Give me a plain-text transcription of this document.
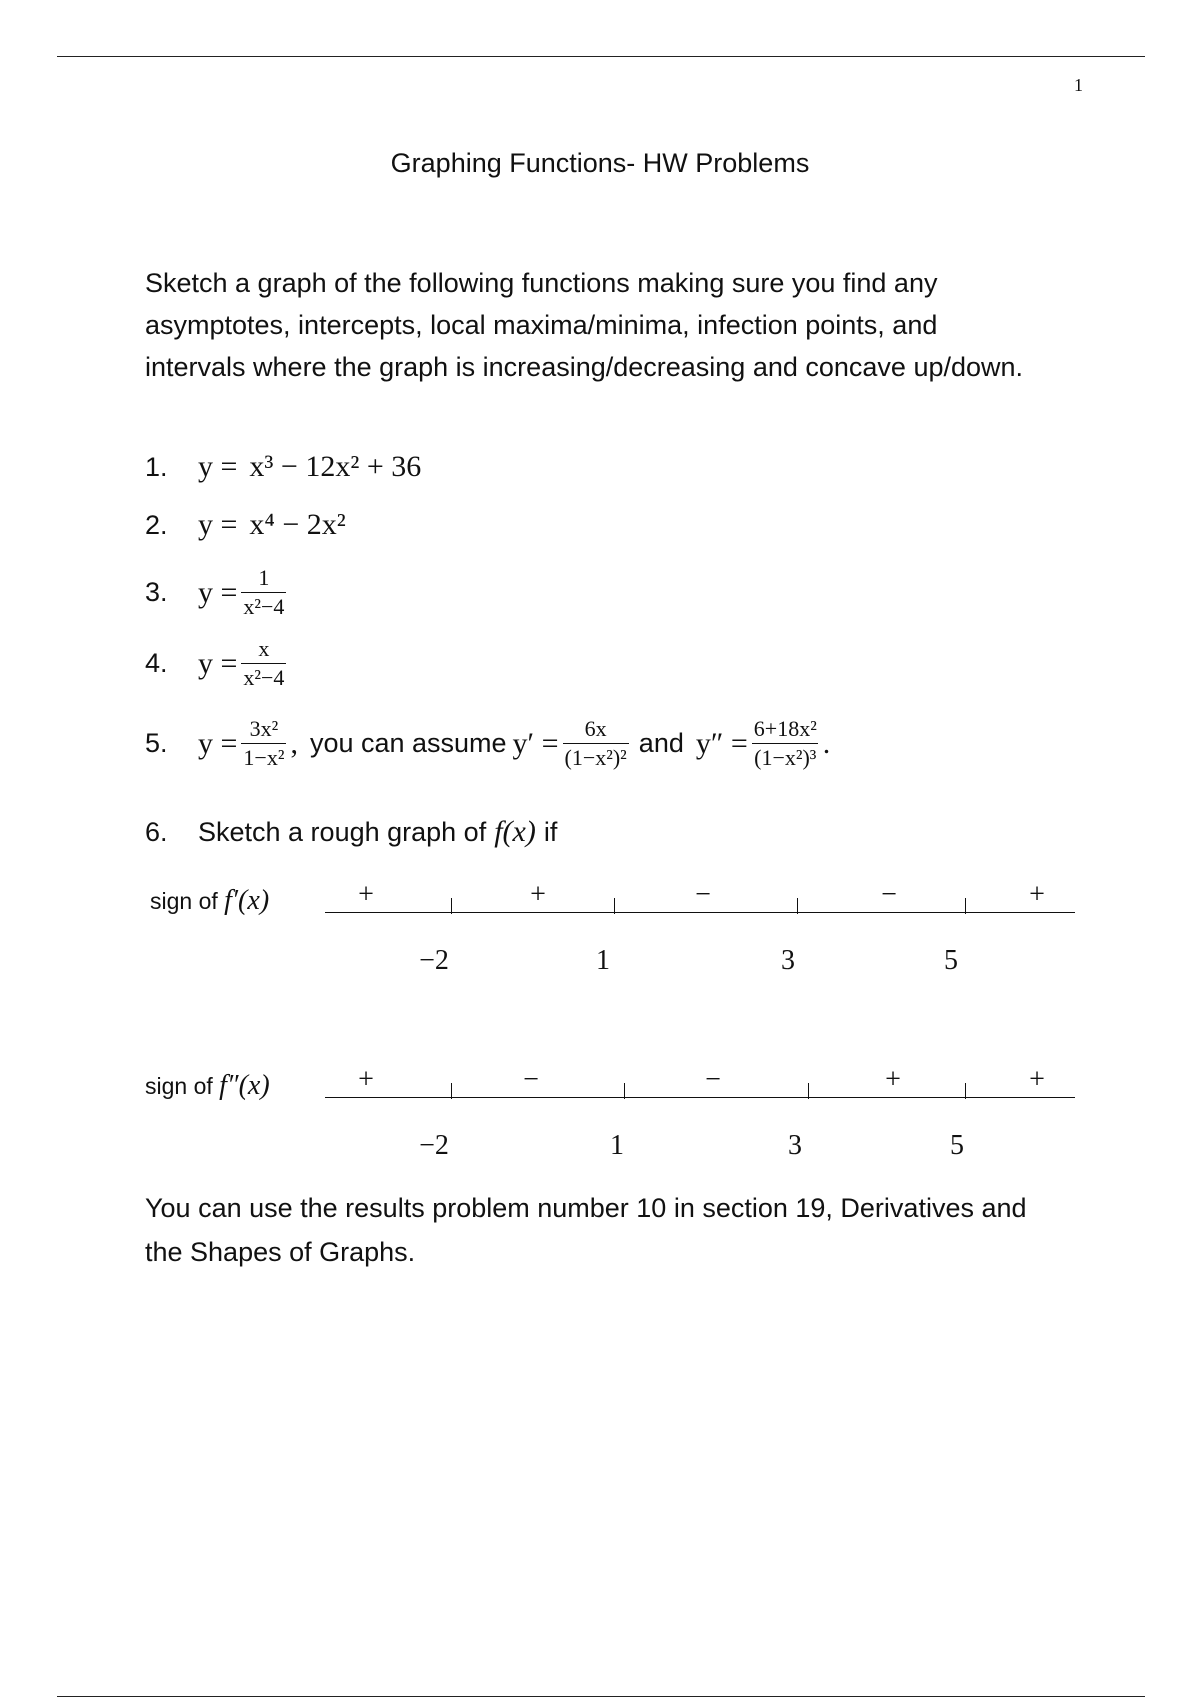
1
Graphing Functions- HW Problems

Sketch a graph of the following functions making sure you find any asymptotes, intercepts, local maxima/minima, infection points, and intervals where the graph is increasing/decreasing and concave up/down.

1.	y = x³ − 12x² + 36
2.	y = x⁴ − 2x²
3.	$y = \frac{1}{\text{x²−4}}$
4.	$y = \frac{x}{\text{x²−4}}$
5.	$y = \frac{\text{3x²}}{\text{1−x²}}$ , you can assume $y' = \frac{6x}{\text{(1−x²)²}}$ and $y'' = \frac{\text{6+18x²}}{\text{(1−x²)³}}$ .
6.	Sketch a rough graph of f(x) if
sign of f′(x)	+	+	−	−	+
−2	1	3	5
sign of f″(x)	+	−	−	+	+
−2	1	3	5

You can use the results problem number 10 in section 19, Derivatives and the Shapes of Graphs.
